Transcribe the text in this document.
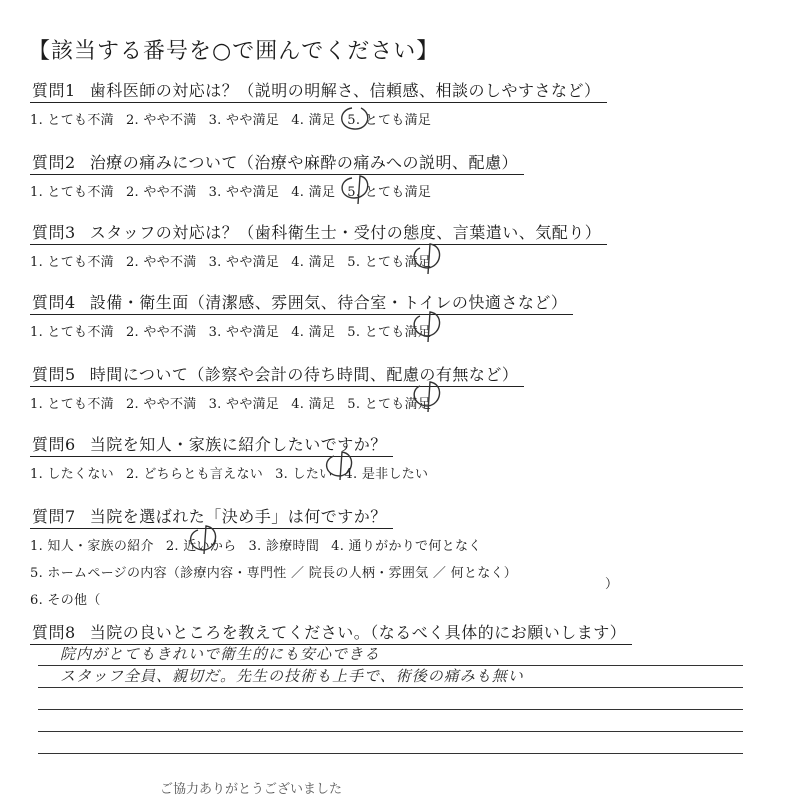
【該当する番号を○で囲んでください】
質問1 歯科医師の対応は？（説明の明解さ、信頼感、相談のしやすさなど）
1. とても不満 2. やや不満 3. やや満足 4. 満足 5. とても満足
質問2 治療の痛みについて（治療や麻酔の痛みへの説明、配慮）
1. とても不満 2. やや不満 3. やや満足 4. 満足 5. とても満足
質問3 スタッフの対応は？（歯科衛生士・受付の態度、言葉遣い、気配り）
1. とても不満 2. やや不満 3. やや満足 4. 満足 5. とても満足
質問4 設備・衛生面（清潔感、雰囲気、待合室・トイレの快適さなど）
1. とても不満 2. やや不満 3. やや満足 4. 満足 5. とても満足
質問5 時間について（診察や会計の待ち時間、配慮の有無など）
1. とても不満 2. やや不満 3. やや満足 4. 満足 5. とても満足
質問6 当院を知人・家族に紹介したいですか？
1. したくない 2. どちらとも言えない 3. したい 4. 是非したい
質問7 当院を選ばれた「決め手」は何ですか？
1. 知人・家族の紹介 2. 近いから 3. 診療時間 4. 通りがかりで何となく
5. ホームページの内容（診療内容・専門性 ／ 院長の人柄・雰囲気 ／ 何となく）
6. その他（
）
質問8 当院の良いところを教えてください。（なるべく具体的にお願いします）
院内がとてもきれいで衛生的にも安心できる
スタッフ全員、親切だ。先生の技術も上手で、術後の痛みも無い
ご協力ありがとうございました
